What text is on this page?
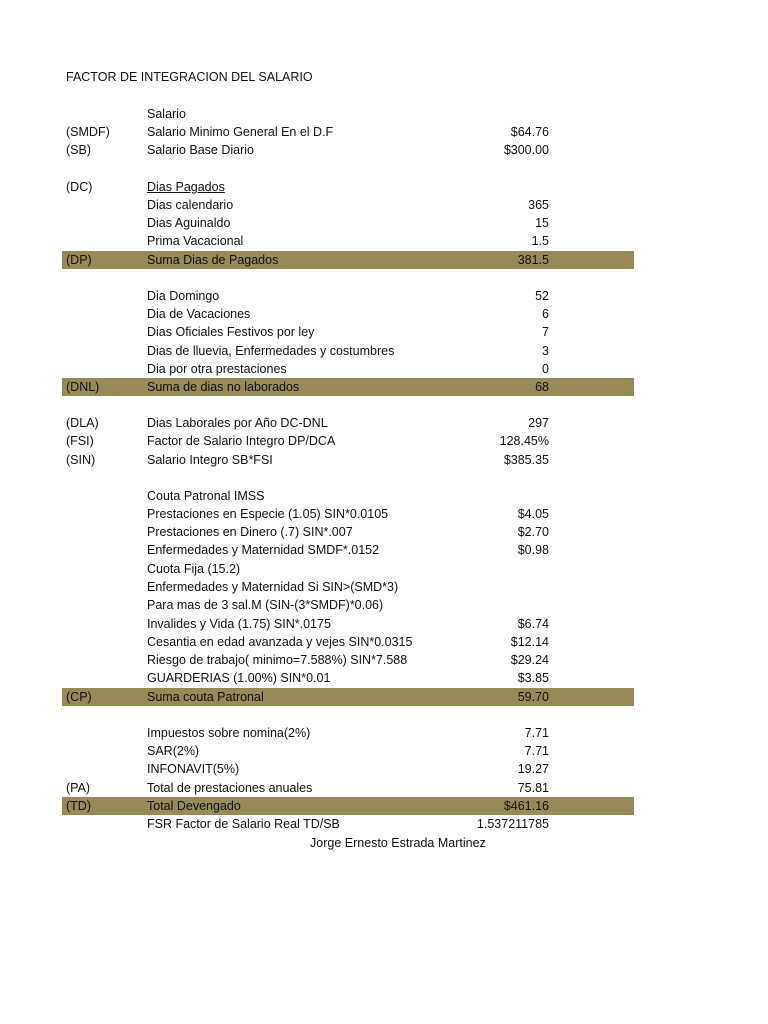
FACTOR DE INTEGRACION DEL SALARIO
Salario
(SMDF)	Salario Minimo General En el D.F	$64.76
(SB)	Salario Base Diario	$300.00
(DC)	Dias Pagados
Dias calendario	365
Dias Aguinaldo	15
Prima Vacacional	1.5
(DP)	Suma Dias de Pagados	381.5
Dia Domingo	52
Dia de Vacaciones	6
Dias Oficiales Festivos por ley	7
Dias de lluevia, Enfermedades y costumbres	3
Dia por otra prestaciones	0
(DNL)	Suma de dias no laborados	68
(DLA)	Dias Laborales por Año DC-DNL	297
(FSI)	Factor de Salario Integro DP/DCA	128.45%
(SIN)	Salario Integro SB*FSI	$385.35
Couta Patronal IMSS
Prestaciones en Especie (1.05) SIN*0.0105	$4.05
Prestaciones en Dinero (.7) SIN*.007	$2.70
Enfermedades y Maternidad SMDF*.0152	$0.98
Cuota Fija (15.2)
Enfermedades y Maternidad Si SIN>(SMD*3)
Para mas de 3 sal.M (SIN-(3*SMDF)*0.06)
Invalides y Vida (1.75) SIN*.0175	$6.74
Cesantia en edad avanzada y vejes SIN*0.0315	$12.14
Riesgo de trabajo( minimo=7.588%) SIN*7.588	$29.24
GUARDERIAS (1.00%) SIN*0.01	$3.85
(CP)	Suma couta Patronal	59.70
Impuestos sobre nomina(2%)	7.71
SAR(2%)	7.71
INFONAVIT(5%)	19.27
(PA)	Total de prestaciones anuales	75.81
(TD)	Total Devengado	$461.16
FSR Factor de Salario Real TD/SB	1.537211785
Jorge Ernesto Estrada Martinez
